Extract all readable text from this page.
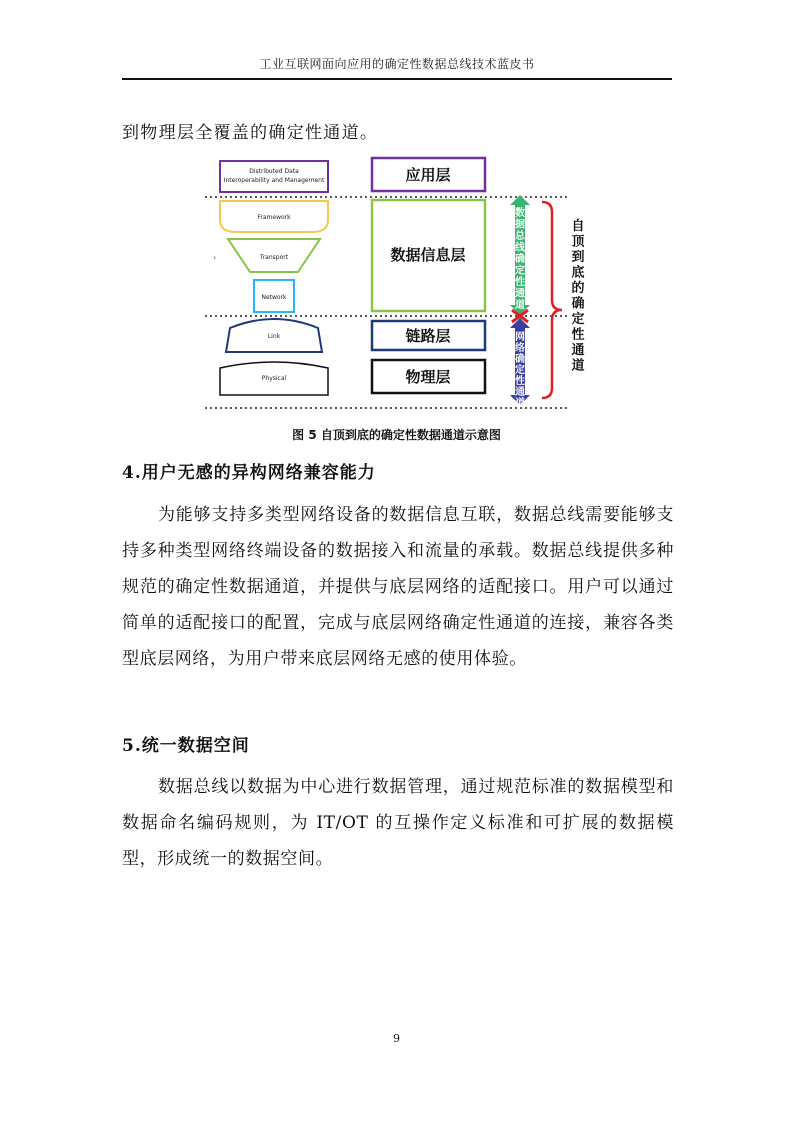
工业互联网面向应用的确定性数据总线技术蓝皮书
到物理层全覆盖的确定性通道。
Distributed Data
Interoperability and Management
Framework
Transport
Network
Link
Physical
›
应用层
数据信息层
链路层
物理层
数
据
总
线
确
定
性
通
道
网
络
确
定
性
通
道
自
顶
到
底
的
确
定
性
通
道
图 5 自顶到底的确定性数据通道示意图
4.用户无感的异构网络兼容能力
为能够支持多类型网络设备的数据信息互联，数据总线需要能够支持多种类型网络终端设备的数据接入和流量的承载。数据总线提供多种规范的确定性数据通道，并提供与底层网络的适配接口。用户可以通过简单的适配接口的配置，完成与底层网络确定性通道的连接，兼容各类型底层网络，为用户带来底层网络无感的使用体验。
5.统一数据空间
数据总线以数据为中心进行数据管理，通过规范标准的数据模型和数据命名编码规则，为 IT/OT 的互操作定义标准和可扩展的数据模型，形成统一的数据空间。
9
